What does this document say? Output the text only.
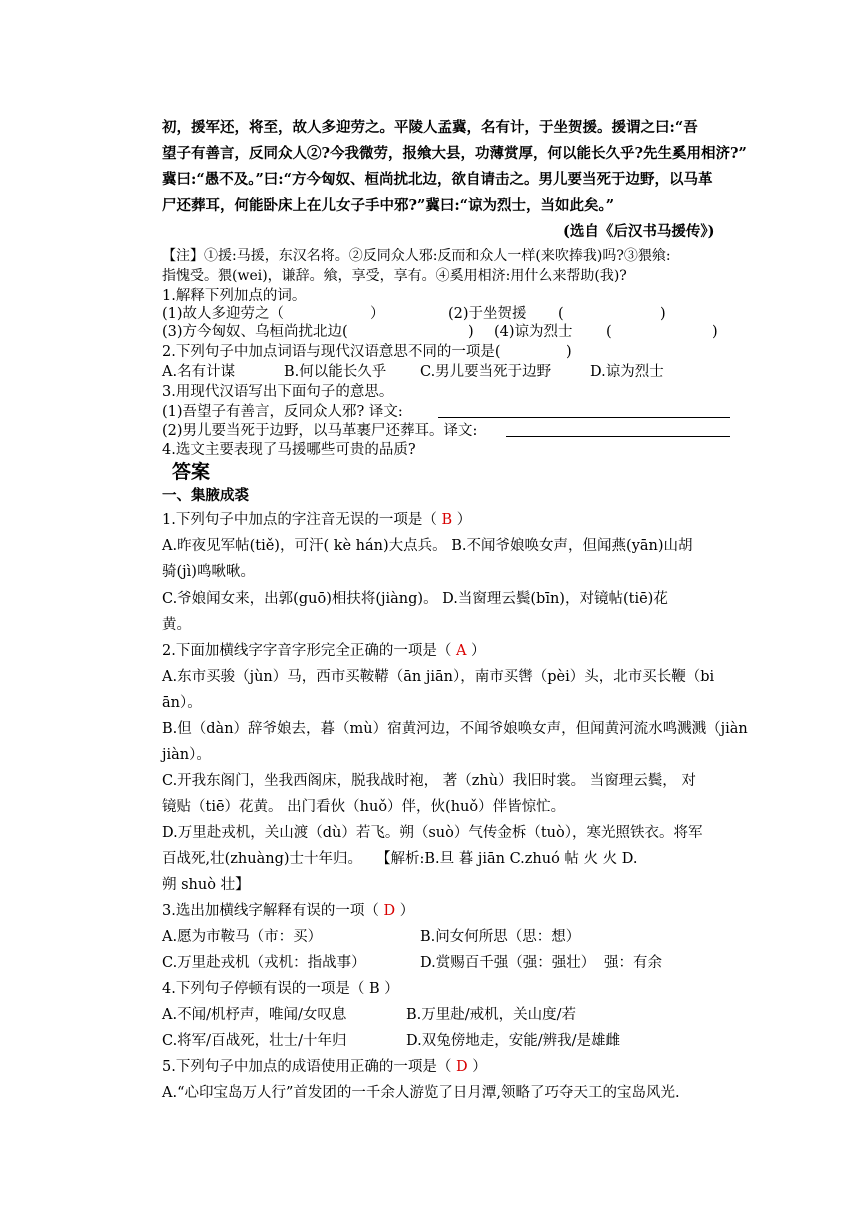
初，援军还，将至，故人多迎劳之。平陵人孟冀，名有计，于坐贺援。援谓之曰:“吾
望子有善言，反同众人②?今我微劳，报飨大县，功薄赏厚，何以能长久乎?先生奚用相济?”
冀曰:“愚不及。”曰:“方今匈奴、桓尚扰北边，欲自请击之。男儿要当死于边野，以马革
尸还葬耳，何能卧床上在儿女子手中邪?”冀曰:“谅为烈士，当如此矣。”
(选自《后汉书马援传》)
【注】①援:马援，东汉名将。②反同众人邪:反而和众人一样(来吹捧我)吗?③猥飨:
指愧受。猥(wei)，谦辞。飨，享受，享有。④奚用相济:用什么来帮助(我)?
1.解释下列加点的词。
(1)故人多迎劳之（	）	(2)于坐贺援 (	)
(3)方今匈奴、乌桓尚扰北边(	) (4)谅为烈士 (	)
2.下列句子中加点词语与现代汉语意思不同的一项是(	)
A.名有计谋	B.何以能长久乎 C.男儿要当死于边野	D.谅为烈士
3.用现代汉语写出下面句子的意思。
(1)吾望子有善言，反同众人邪? 译文:
(2)男儿要当死于边野，以马革裹尸还葬耳。译文:
4.选文主要表现了马援哪些可贵的品质?
答案
一、集腋成裘
1.下列句子中加点的字注音无误的一项是（ B ）
A.昨夜见军帖(tiě)，可汗( kè hán)大点兵。 B.不闻爷娘唤女声，但闻燕(yān)山胡
骑(jì)鸣啾啾。
C.爷娘闻女来，出郭(guō)相扶将(jiàng)。 D.当窗理云鬓(bīn)，对镜帖(tiē)花
黄。
2.下面加横线字字音字形完全正确的一项是（ A ）
A.东市买骏（jùn）马，西市买鞍鞯（ān jiān），南市买辔（pèi）头，北市买长鞭（bi
ān）。
B.但（dàn）辞爷娘去，暮（mù）宿黄河边，不闻爷娘唤女声，但闻黄河流水鸣溅溅（jiàn
jiàn）。
C.开我东阁门，坐我西阁床，脱我战时袍， 著（zhù）我旧时裳。 当窗理云鬓， 对
镜贴（tiē）花黄。 出门看伙（huǒ）伴，伙(huǒ）伴皆惊忙。
D.万里赴戎机，关山渡（dù）若飞。朔（suò）气传金柝（tuò），寒光照铁衣。将军
百战死,壮(zhuàng)士十年归。 【解析:B.旦 暮 jiān C.zhuó 帖 火 火 D.
朔 shuò 壮】
3.选出加横线字解释有误的一项（ D ）
A.愿为市鞍马（市：买）	B.问女何所思（思：想）
C.万里赴戎机（戎机：指战事）	D.赏赐百千强（强：强壮） 强：有余
4.下列句子停顿有误的一项是（ B ）
A.不闻/机杼声，唯闻/女叹息	B.万里赴/戒机，关山度/若
C.将军/百战死，壮士/十年归	D.双兔傍地走，安能/辨我/是雄雌
5.下列句子中加点的成语使用正确的一项是（ D ）
A.“心印宝岛万人行”首发团的一千余人游览了日月潭,领略了巧夺天工的宝岛风光.
